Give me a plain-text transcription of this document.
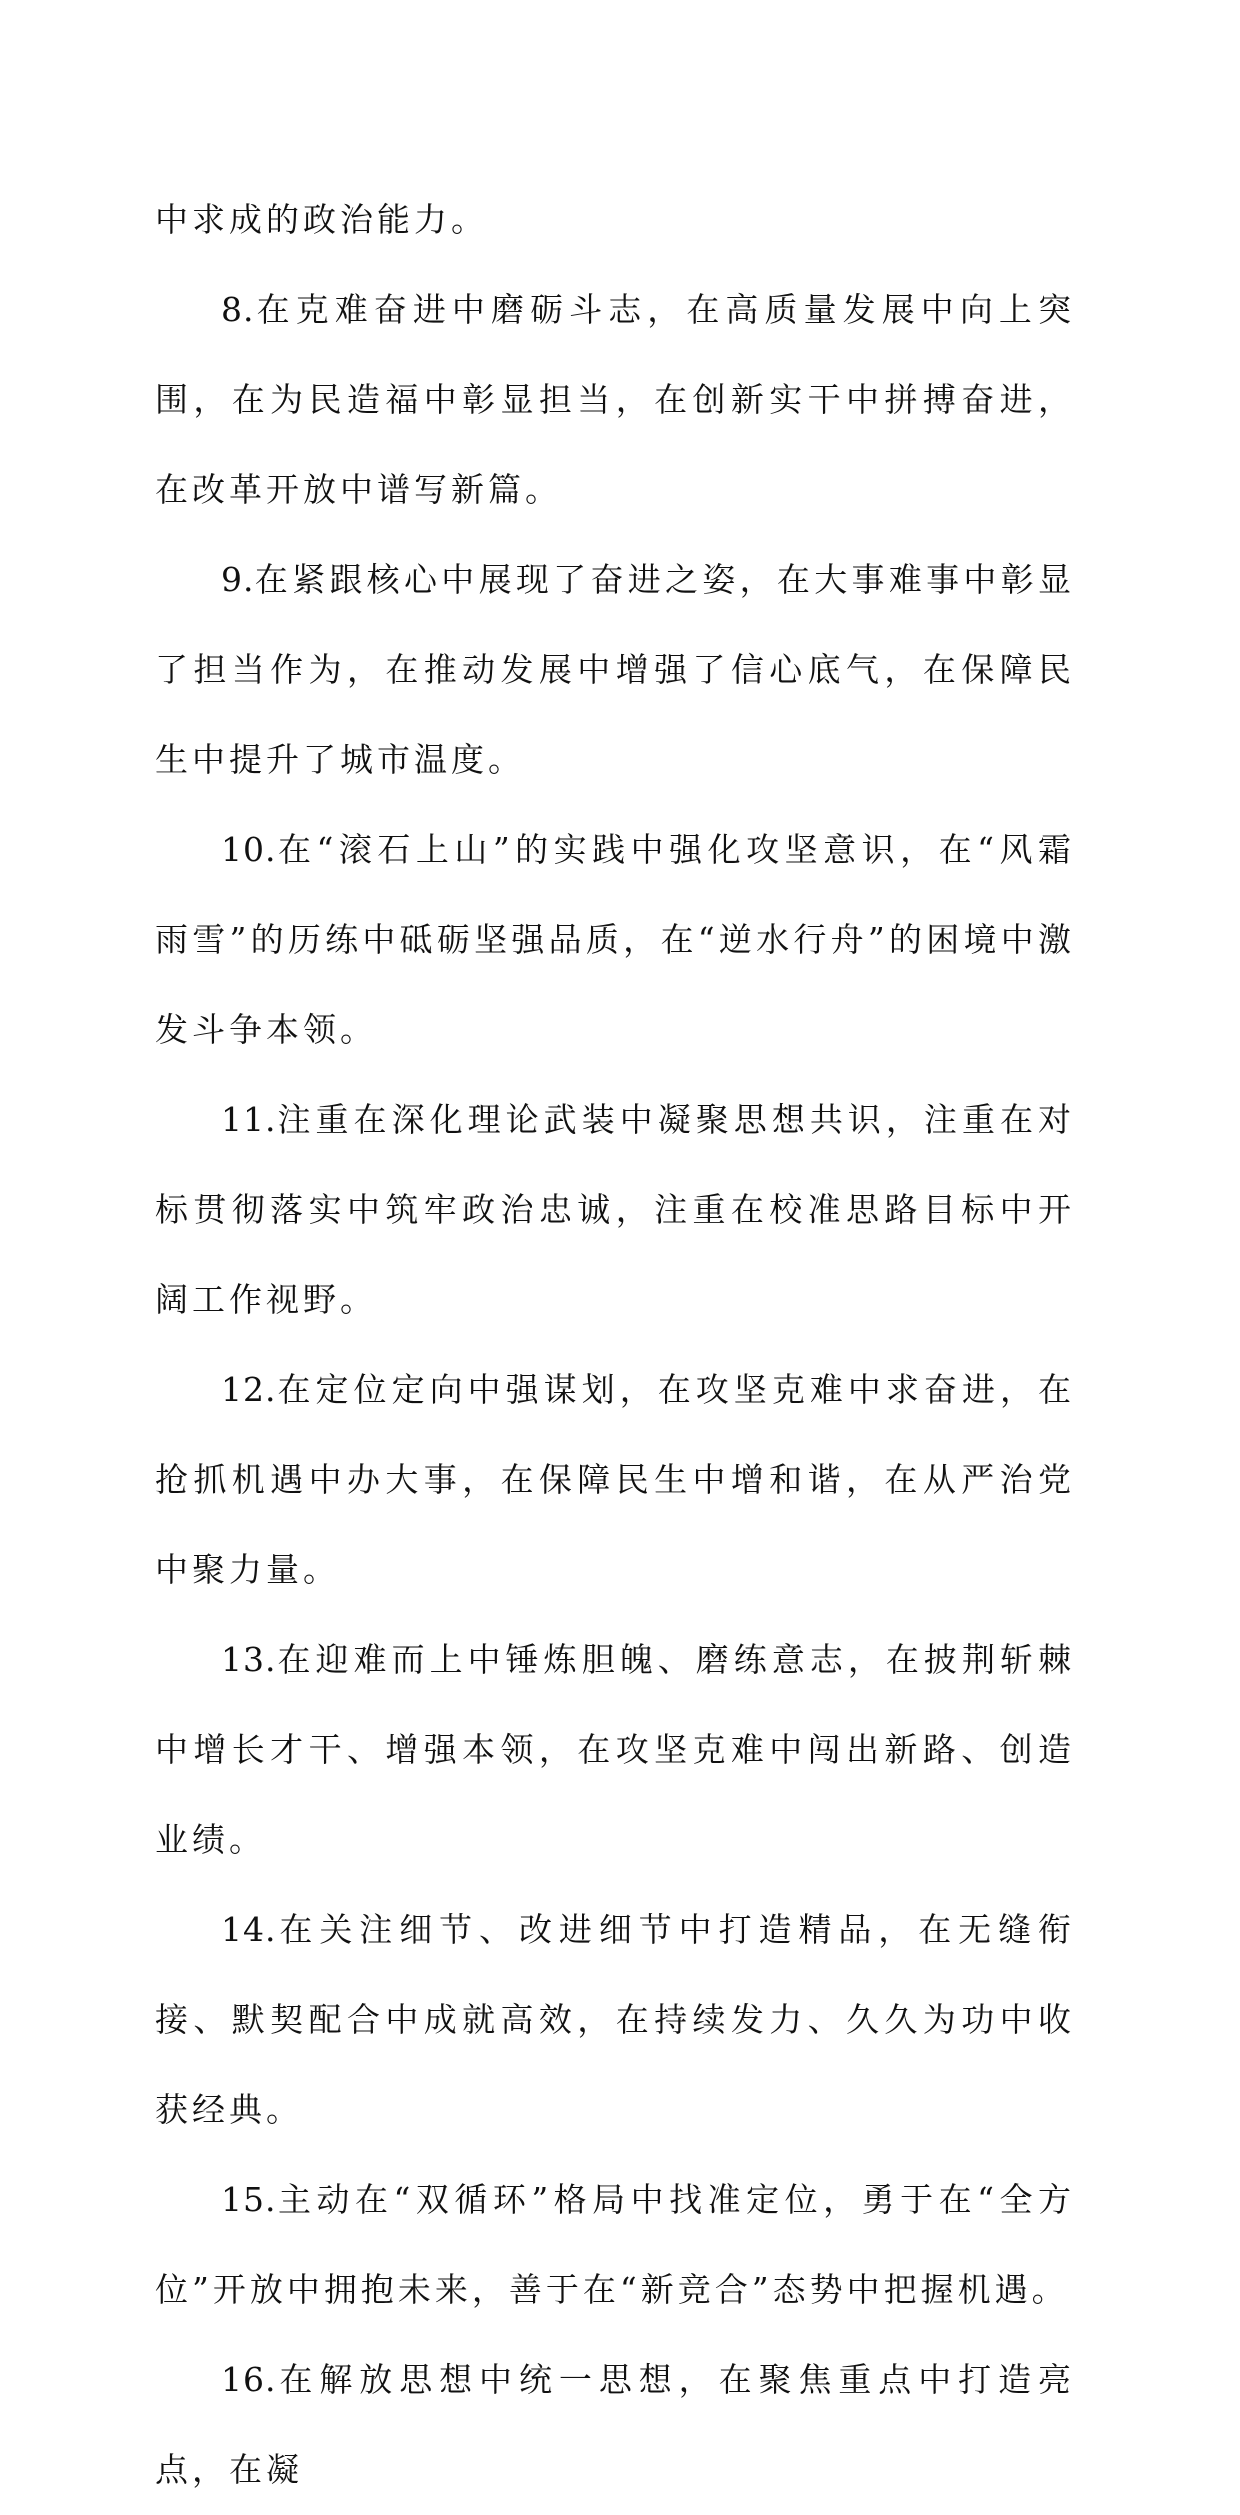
中求成的政治能力。

8.在克难奋进中磨砺斗志，在高质量发展中向上突围，在为民造福中彰显担当，在创新实干中拼搏奋进，在改革开放中谱写新篇。

9.在紧跟核心中展现了奋进之姿，在大事难事中彰显了担当作为，在推动发展中增强了信心底气，在保障民生中提升了城市温度。

10.在“滚石上山”的实践中强化攻坚意识，在“风霜雨雪”的历练中砥砺坚强品质，在“逆水行舟”的困境中激发斗争本领。

11.注重在深化理论武装中凝聚思想共识，注重在对标贯彻落实中筑牢政治忠诚，注重在校准思路目标中开阔工作视野。

12.在定位定向中强谋划，在攻坚克难中求奋进，在抢抓机遇中办大事，在保障民生中增和谐，在从严治党中聚力量。

13.在迎难而上中锤炼胆魄、磨练意志，在披荆斩棘中增长才干、增强本领，在攻坚克难中闯出新路、创造业绩。

14.在关注细节、改进细节中打造精品，在无缝衔接、默契配合中成就高效，在持续发力、久久为功中收获经典。

15.主动在“双循环”格局中找准定位，勇于在“全方位”开放中拥抱未来，善于在“新竞合”态势中把握机遇。

16.在解放思想中统一思想，在聚焦重点中打造亮点，在凝
